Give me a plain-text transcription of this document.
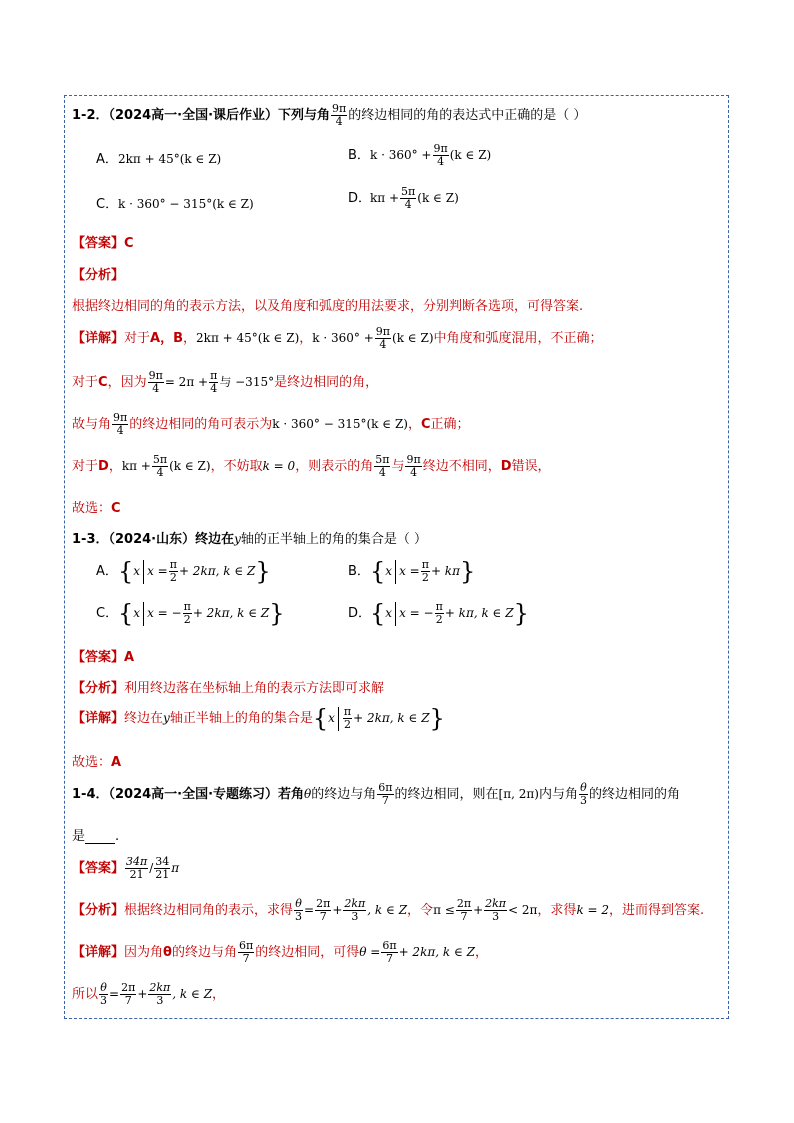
1-2．（2024高一·全国·课后作业）下列与角 $\frac{9\pi}{4}$ 的终边相同的角的表达式中正确的是（ ）
A．2kπ + 45°(k ∈ Z)	B．$k \cdot 360^\circ + \frac{9\pi}{4} (k$ ∈ Z)
C．k · 360° − 315°(k ∈ Z)	D．$k\pi + \frac{5\pi}{4} (k$ ∈ Z)
【答案】C
【分析】
根据终边相同的角的表示方法，以及角度和弧度的用法要求，分别判断各选项，可得答案.
【详解】对于A，B，2kπ + 45°(k ∈ Z)，$k \cdot 360^\circ + \frac{9\pi}{4} (k$ ∈ Z)中角度和弧度混用，不正确；
对于C，因为 $\frac{9\pi}{4} = 2\pi + \frac{\pi}{4}$ 与 −315°是终边相同的角，
故与角 $\frac{9\pi}{4}$ 的终边相同的角可表示为k · 360° − 315°(k ∈ Z)，C正确；
对于D，$k\pi + \frac{5\pi}{4} (k$ ∈ Z)，不妨取k = 0，则表示的角 $\frac{5\pi}{4}$ 与 $\frac{9\pi}{4}$ 终边不相同，D错误，
故选：C
1-3．（2024·山东）终边在y轴的正半轴上的角的集合是（ ）
A．{x $x = \frac{\pi}{2} + 2k\pi$, k ∈ Z}	B．{x $x = \frac{\pi}{2} + k\pi$}
C．{x x = − $\frac{\pi}{2} + 2k\pi$, k ∈ Z}	D．{x x = − $\frac{\pi}{2} + k\pi$, k ∈ Z}
【答案】A
【分析】利用终边落在坐标轴上角的表示方法即可求解
【详解】终边在y轴正半轴上的角的集合是{$x \frac{\pi}{2} + 2k\pi$, k ∈ Z}
故选：A
1-4．（2024高一·全国·专题练习）若角θ的终边与角 $\frac{6\pi}{7}$ 的终边相同，则在[π, 2π)内与角 $\frac{\theta}{3}$ 的终边相同的角
是 .
【答案】 $\frac{34\pi}{21} / \frac{34}{21}$ π
【分析】根据终边相同角的表示，求得 $\frac{\theta}{3} = \frac{2\pi}{7} + \frac{2k\pi}{3}$ , k ∈ Z，令$\pi \le \frac{2\pi}{7} + \frac{2k\pi}{3} < 2\pi$，求得k = 2，进而得到答案.
【详解】因为角θ的终边与角 $\frac{6\pi}{7}$ 的终边相同，可得$\theta = \frac{6\pi}{7} + 2k\pi$, k ∈ Z，
所以 $\frac{\theta}{3} = \frac{2\pi}{7} + \frac{2k\pi}{3}$ , k ∈ Z，
